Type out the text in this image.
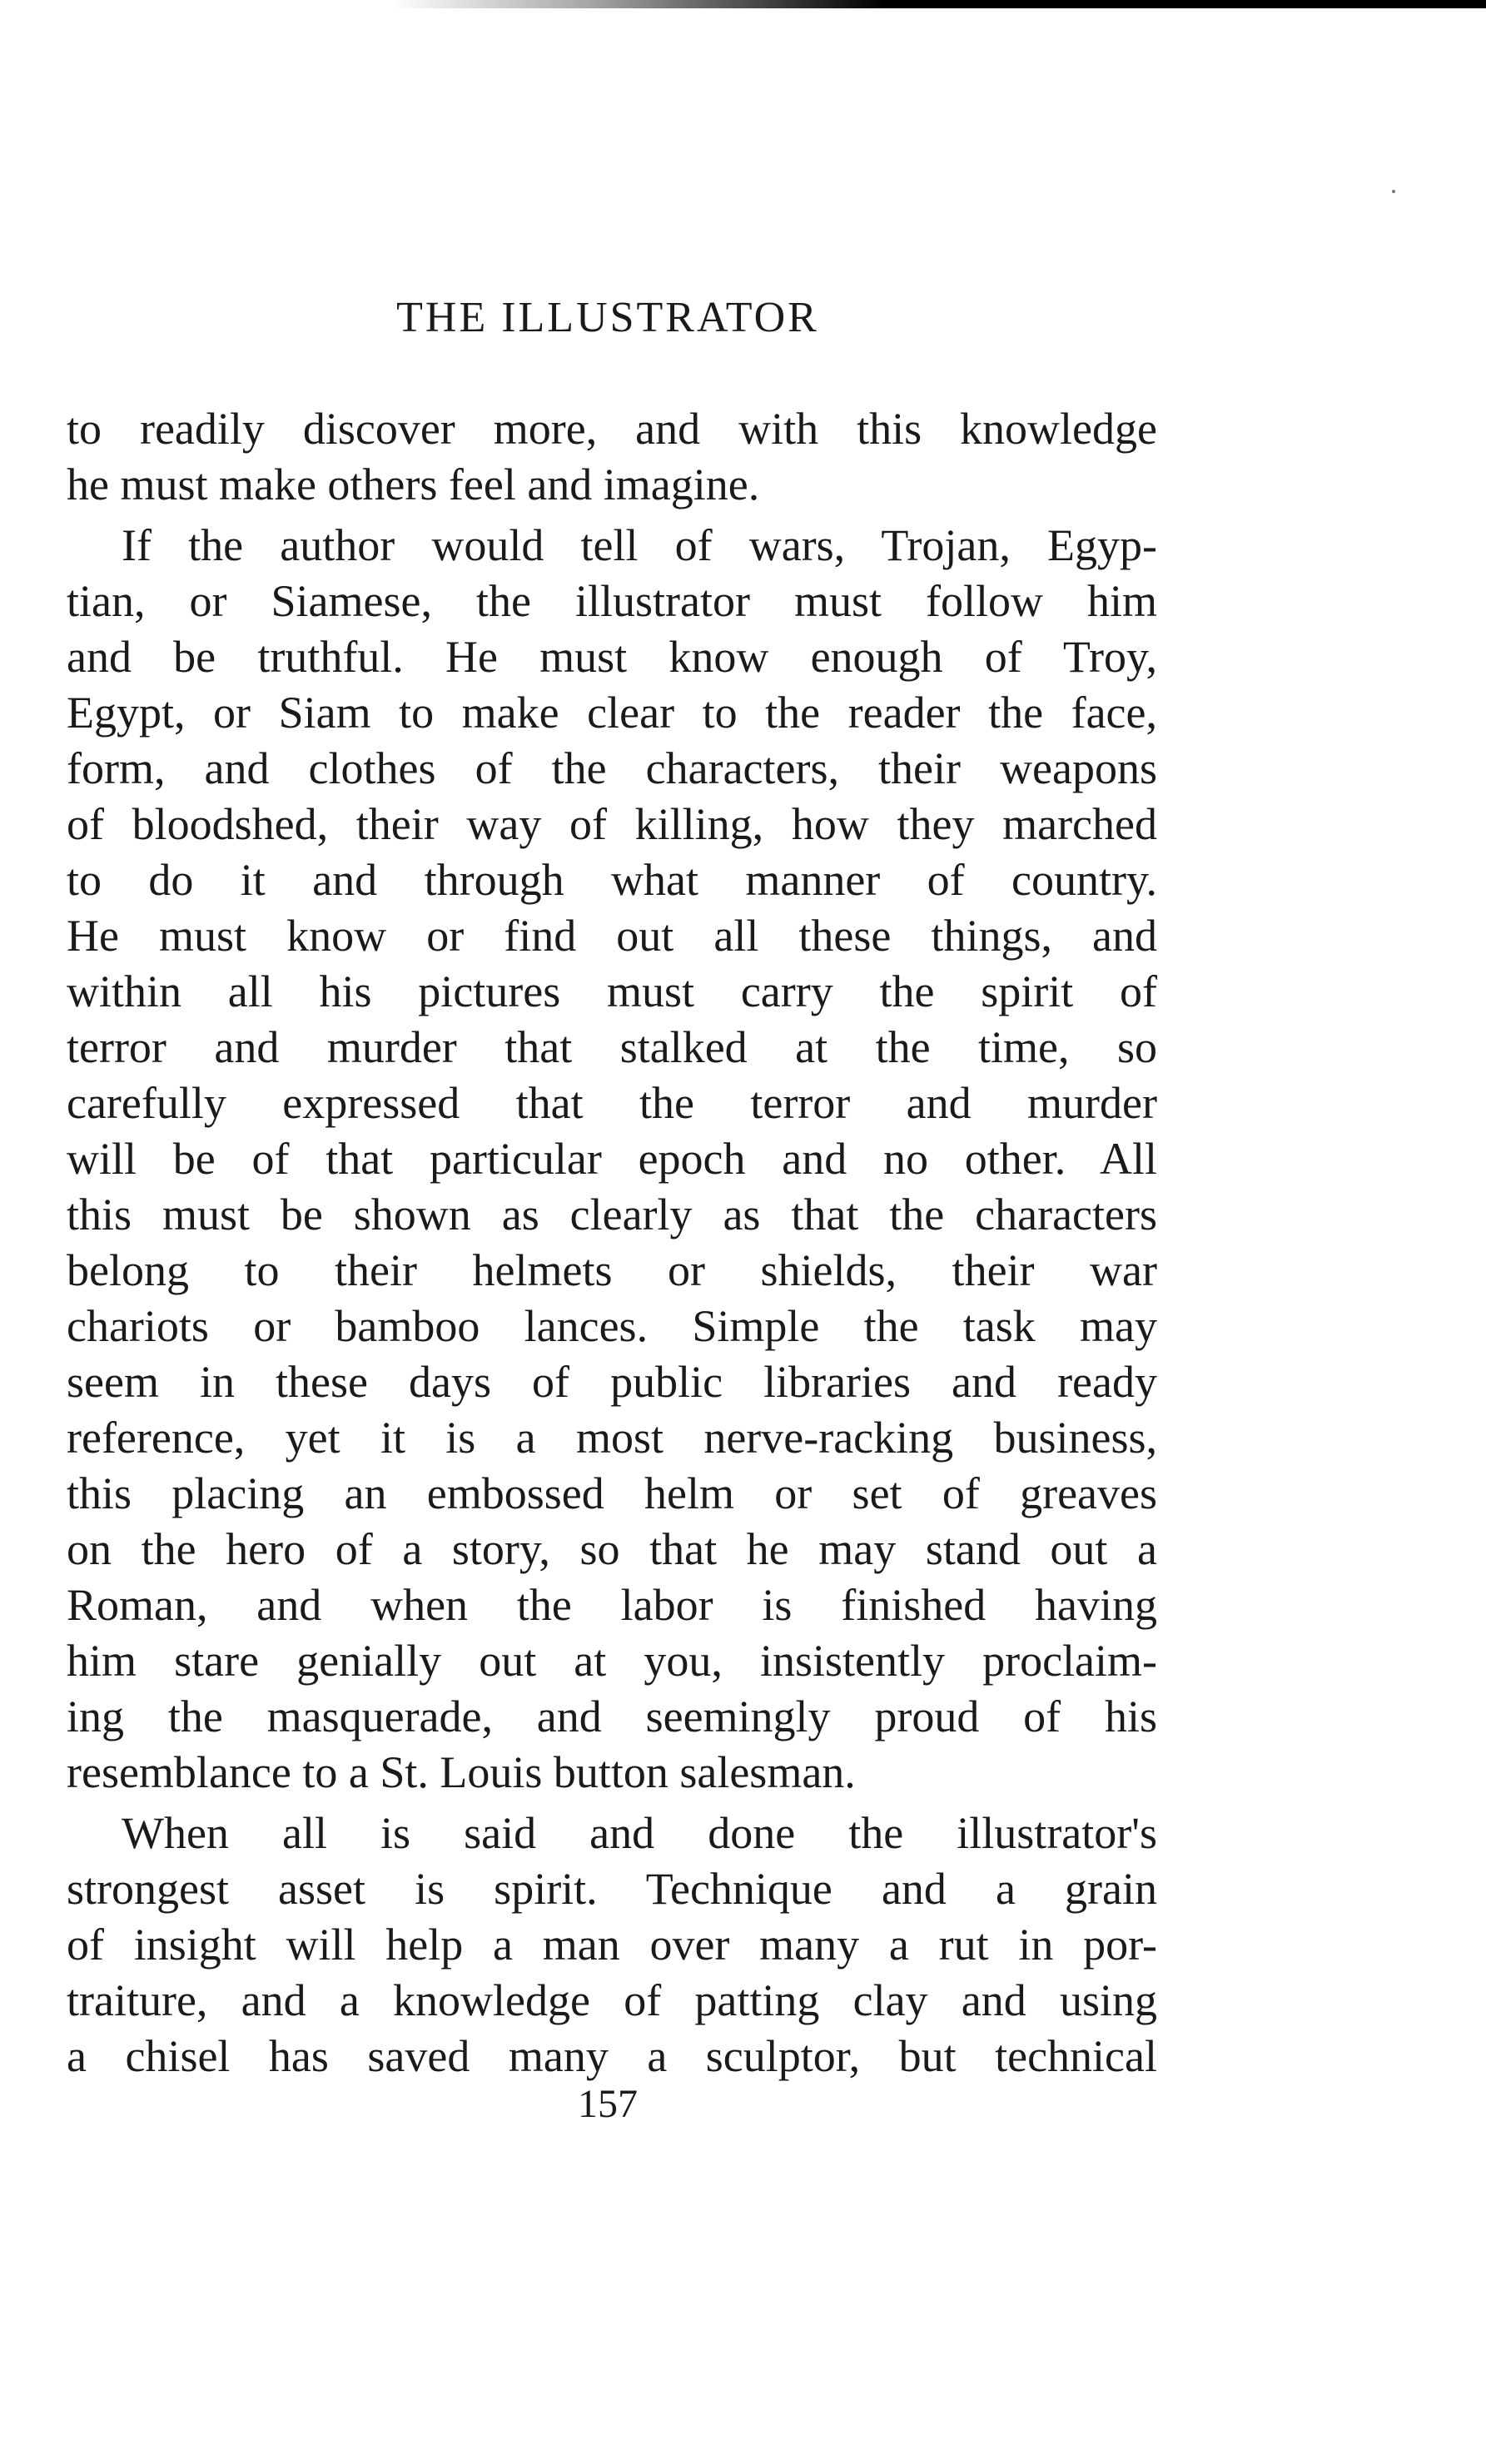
THE ILLUSTRATOR
to readily discover more, and with this knowledge
he must make others feel and imagine.
If the author would tell of wars, Trojan, Egyp-
tian, or Siamese, the illustrator must follow him
and be truthful. He must know enough of Troy,
Egypt, or Siam to make clear to the reader the face,
form, and clothes of the characters, their weapons
of bloodshed, their way of killing, how they marched
to do it and through what manner of country.
He must know or find out all these things, and
within all his pictures must carry the spirit of
terror and murder that stalked at the time, so
carefully expressed that the terror and murder
will be of that particular epoch and no other. All
this must be shown as clearly as that the characters
belong to their helmets or shields, their war
chariots or bamboo lances. Simple the task may
seem in these days of public libraries and ready
reference, yet it is a most nerve-racking business,
this placing an embossed helm or set of greaves
on the hero of a story, so that he may stand out a
Roman, and when the labor is finished having
him stare genially out at you, insistently proclaim-
ing the masquerade, and seemingly proud of his
resemblance to a St. Louis button salesman.
When all is said and done the illustrator's
strongest asset is spirit. Technique and a grain
of insight will help a man over many a rut in por-
traiture, and a knowledge of patting clay and using
a chisel has saved many a sculptor, but technical
157
